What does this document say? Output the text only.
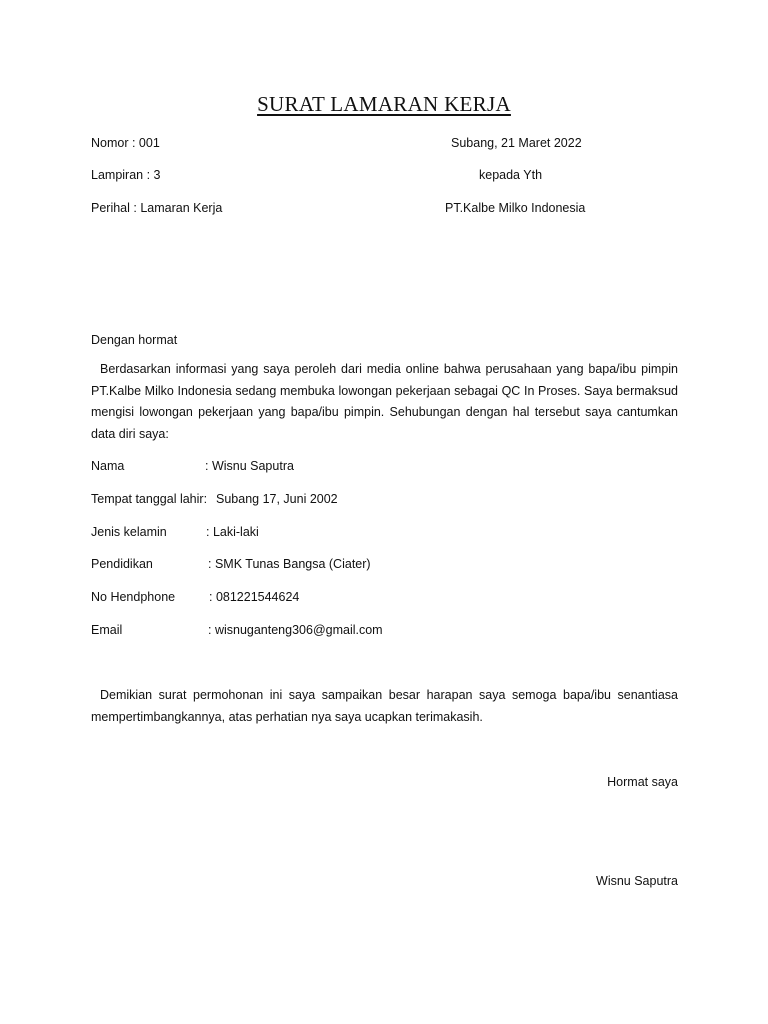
SURAT LAMARAN KERJA
Nomor : 001	Subang, 21 Maret 2022
Lampiran : 3	kepada Yth
Perihal : Lamaran Kerja	PT.Kalbe Milko Indonesia
Dengan hormat
Berdasarkan informasi yang saya peroleh dari media online bahwa perusahaan yang bapa/ibu pimpin PT.Kalbe Milko Indonesia sedang membuka lowongan pekerjaan sebagai QC In Proses. Saya bermaksud mengisi lowongan pekerjaan yang bapa/ibu pimpin. Sehubungan dengan hal tersebut saya cantumkan data diri saya:
Nama	: Wisnu Saputra
Tempat tanggal lahir: Subang 17, Juni 2002
Jenis kelamin	: Laki-laki
Pendidikan	: SMK Tunas Bangsa (Ciater)
No Hendphone	: 081221544624
Email	: wisnuganteng306@gmail.com
Demikian surat permohonan ini saya sampaikan besar harapan saya semoga bapa/ibu senantiasa mempertimbangkannya, atas perhatian nya saya ucapkan terimakasih.
Hormat saya
Wisnu Saputra
